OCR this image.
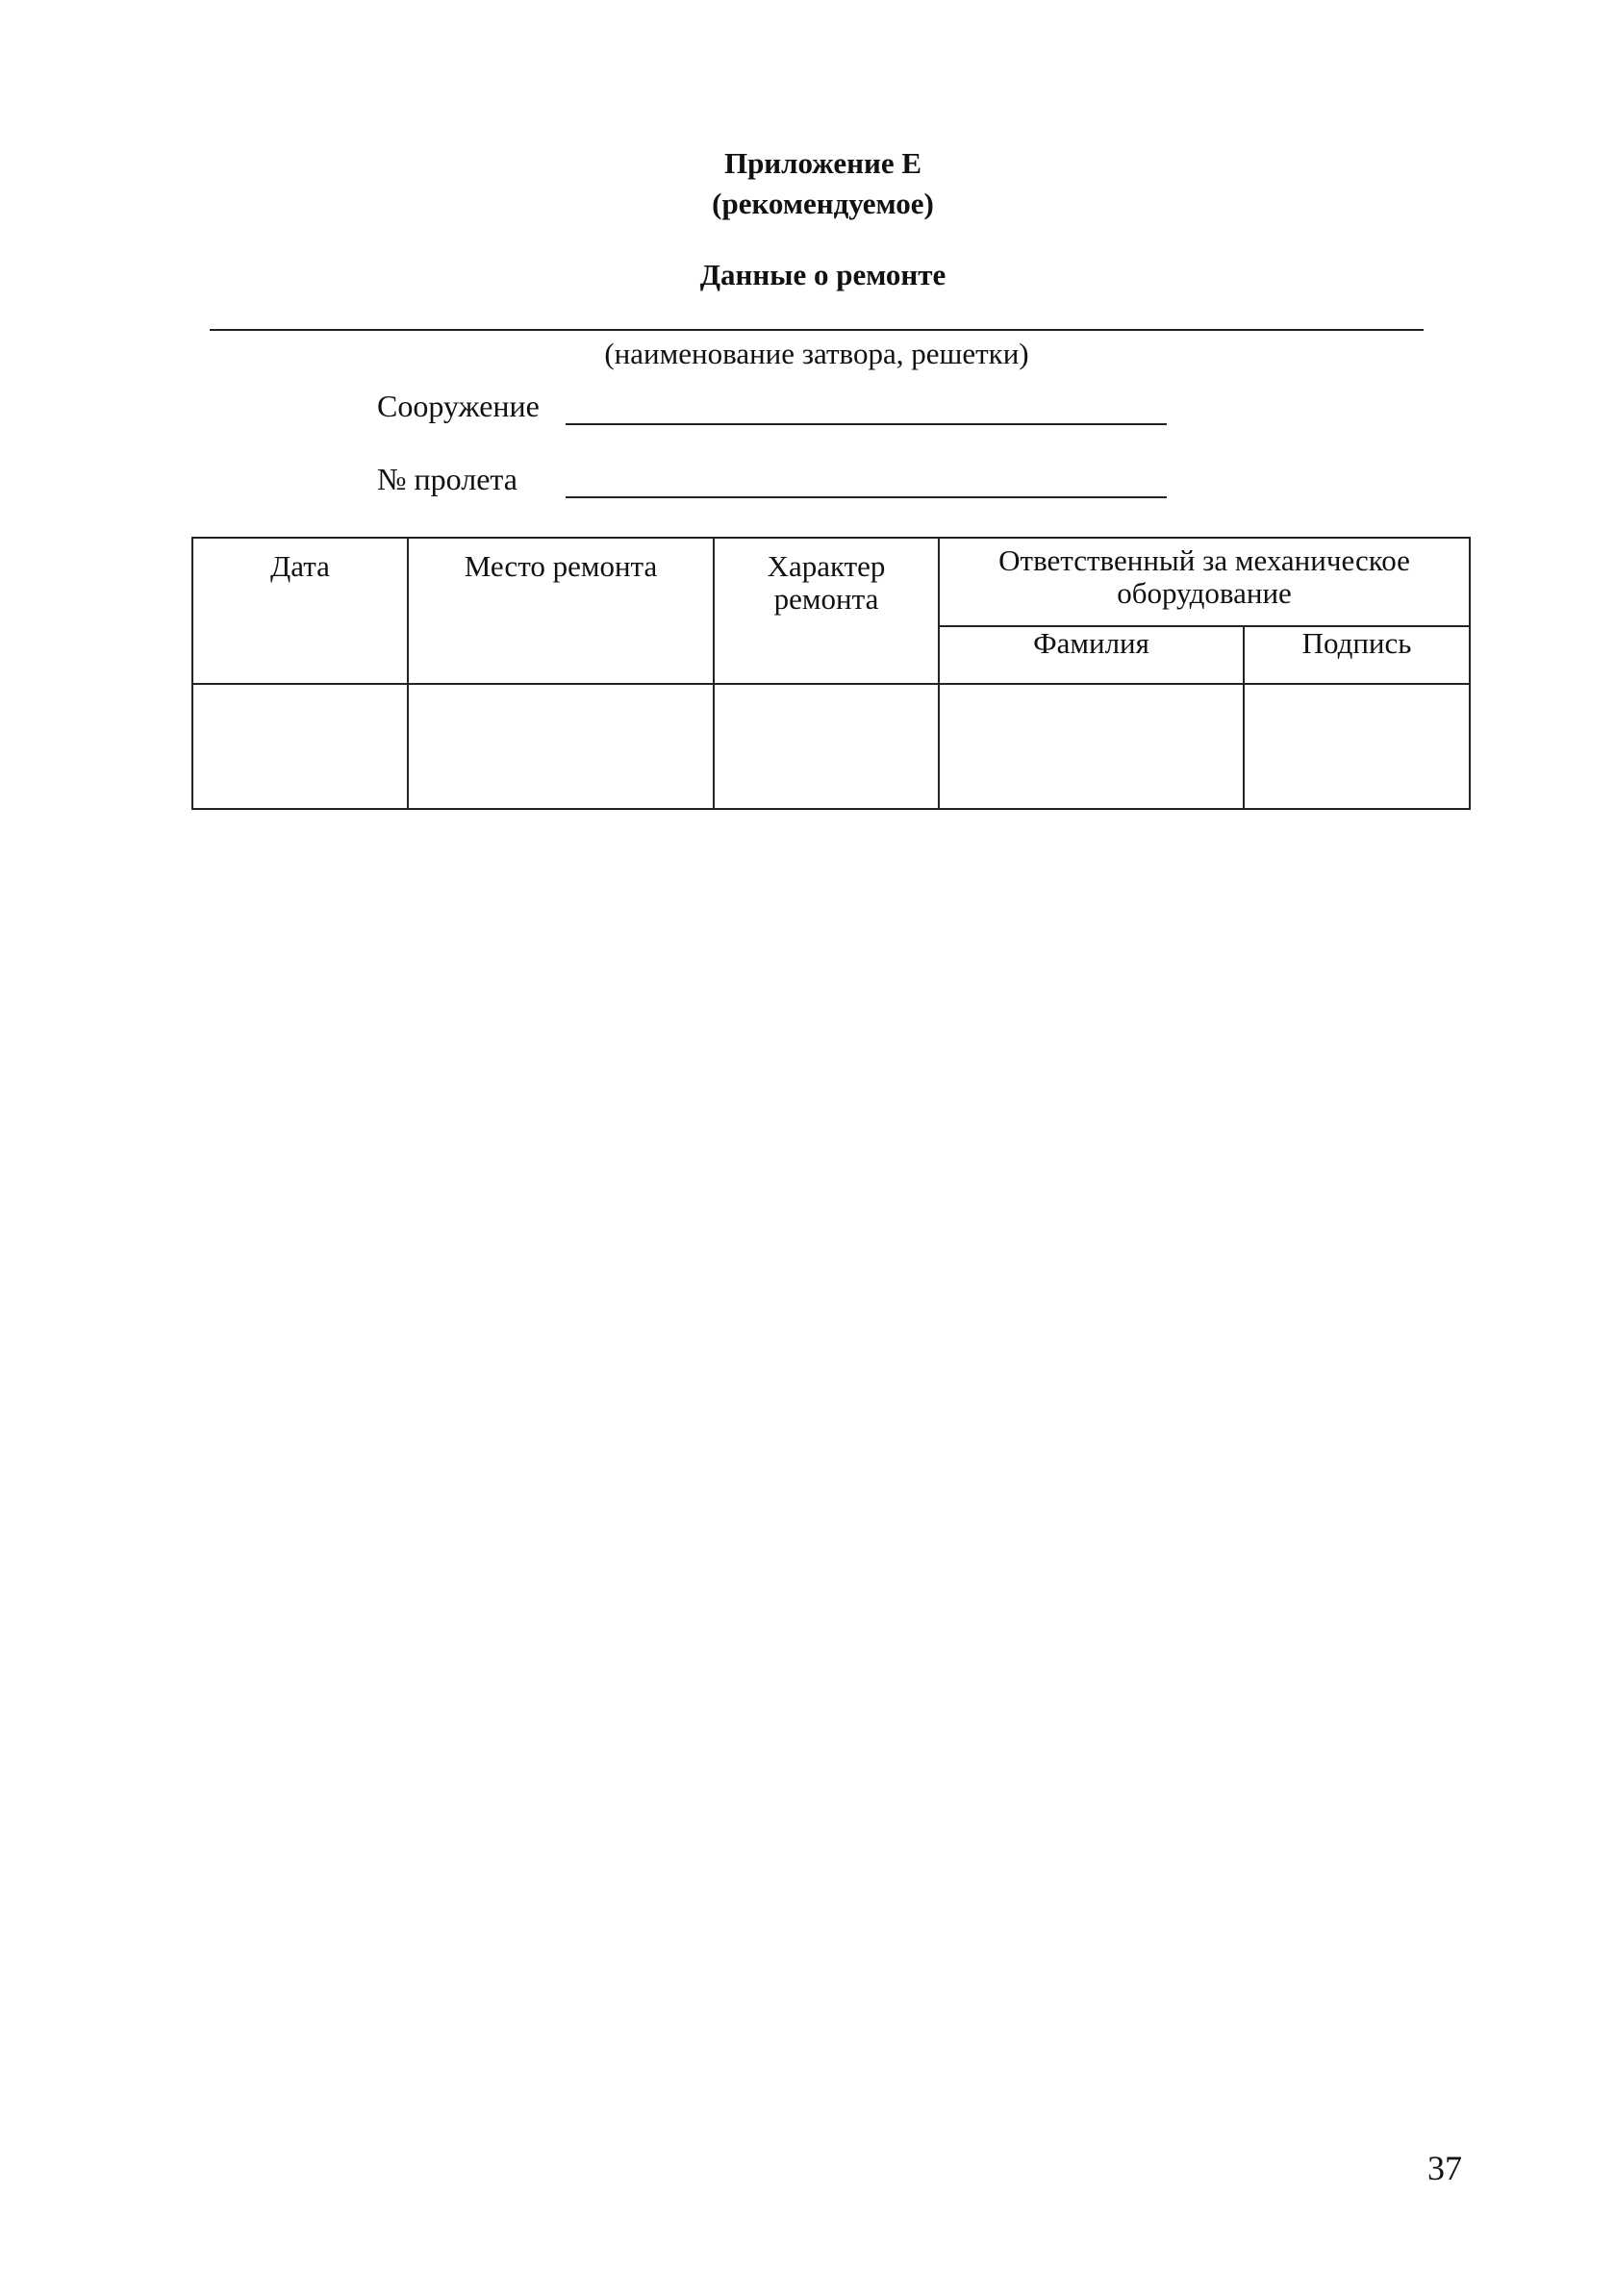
Приложение Е
(рекомендуемое)
Данные о ремонте
(наименование затвора, решетки)
Сооружение
№ пролета
Дата	Место ремонта	Характер ремонта	Ответственный за механическое оборудование	
			Фамилия	Подпись

37
